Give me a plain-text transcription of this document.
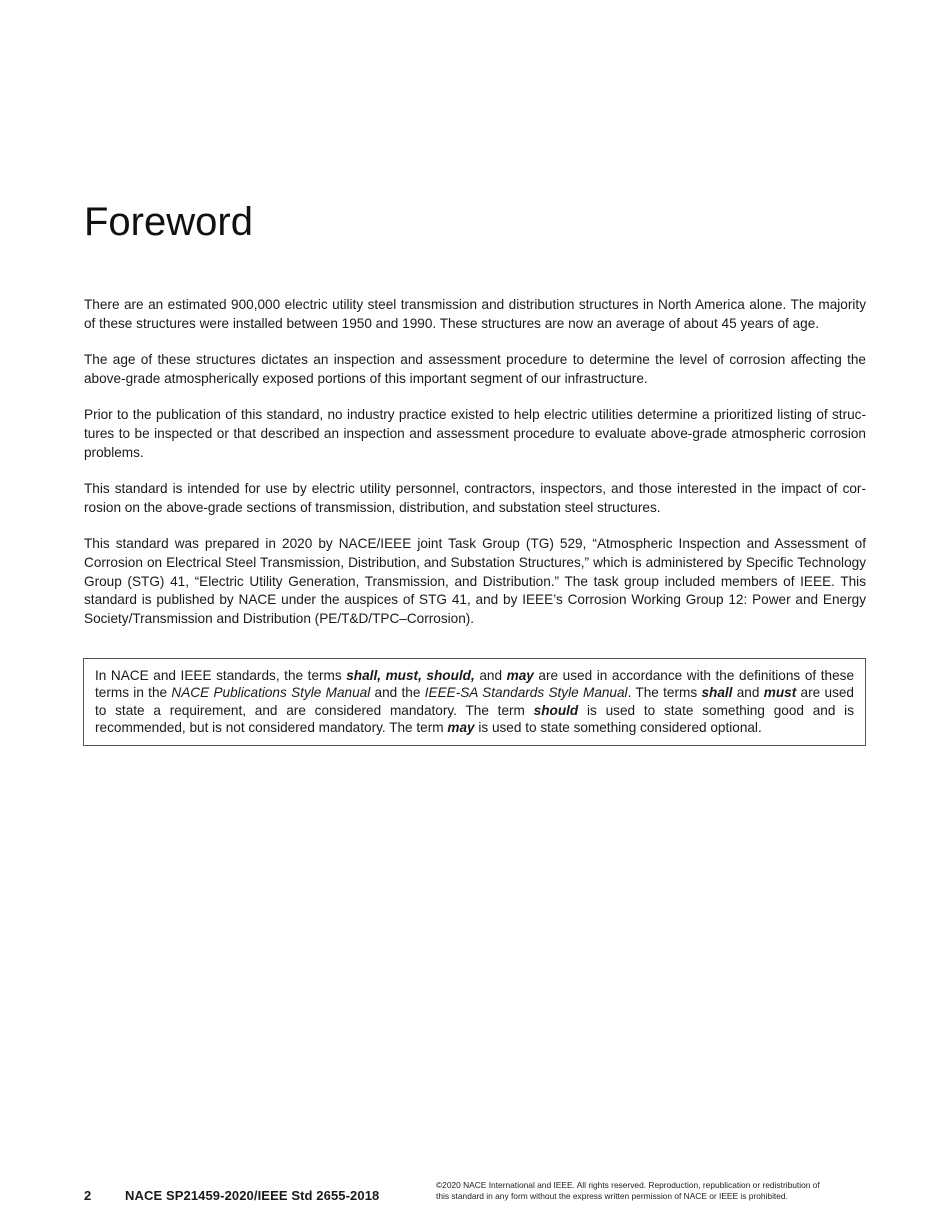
Foreword

There are an estimated 900,000 electric utility steel transmission and distribution structures in North America alone. The majority of these structures were installed between 1950 and 1990. These structures are now an average of about 45 years of age.

The age of these structures dictates an inspection and assessment procedure to determine the level of corrosion affecting the above-grade atmospherically exposed portions of this important segment of our infrastructure.

Prior to the publication of this standard, no industry practice existed to help electric utilities determine a prioritized listing of structures to be inspected or that described an inspection and assessment procedure to evaluate above-grade atmospheric corrosion problems.

This standard is intended for use by electric utility personnel, contractors, inspectors, and those interested in the impact of corrosion on the above-grade sections of transmission, distribution, and substation steel structures.

This standard was prepared in 2020 by NACE/IEEE joint Task Group (TG) 529, “Atmospheric Inspection and Assessment of Corrosion on Electrical Steel Transmission, Distribution, and Substation Structures,” which is administered by Specific Technology Group (STG) 41, “Electric Utility Generation, Transmission, and Distribution.” The task group included members of IEEE. This standard is published by NACE under the auspices of STG 41, and by IEEE’s Corrosion Working Group 12: Power and Energy Society/Transmission and Distribution (PE/T&D/TPC–Corrosion).

In NACE and IEEE standards, the terms shall, must, should, and may are used in accordance with the definitions of these terms in the NACE Publications Style Manual and the IEEE-SA Standards Style Manual. The terms shall and must are used to state a requirement, and are considered mandatory. The term should is used to state something good and is recommended, but is not considered mandatory. The term may is used to state something considered optional.
2	NACE SP21459-2020/IEEE Std 2655-2018
©2020 NACE International and IEEE. All rights reserved. Reproduction, republication or redistribution of
this standard in any form without the express written permission of NACE or IEEE is prohibited.
